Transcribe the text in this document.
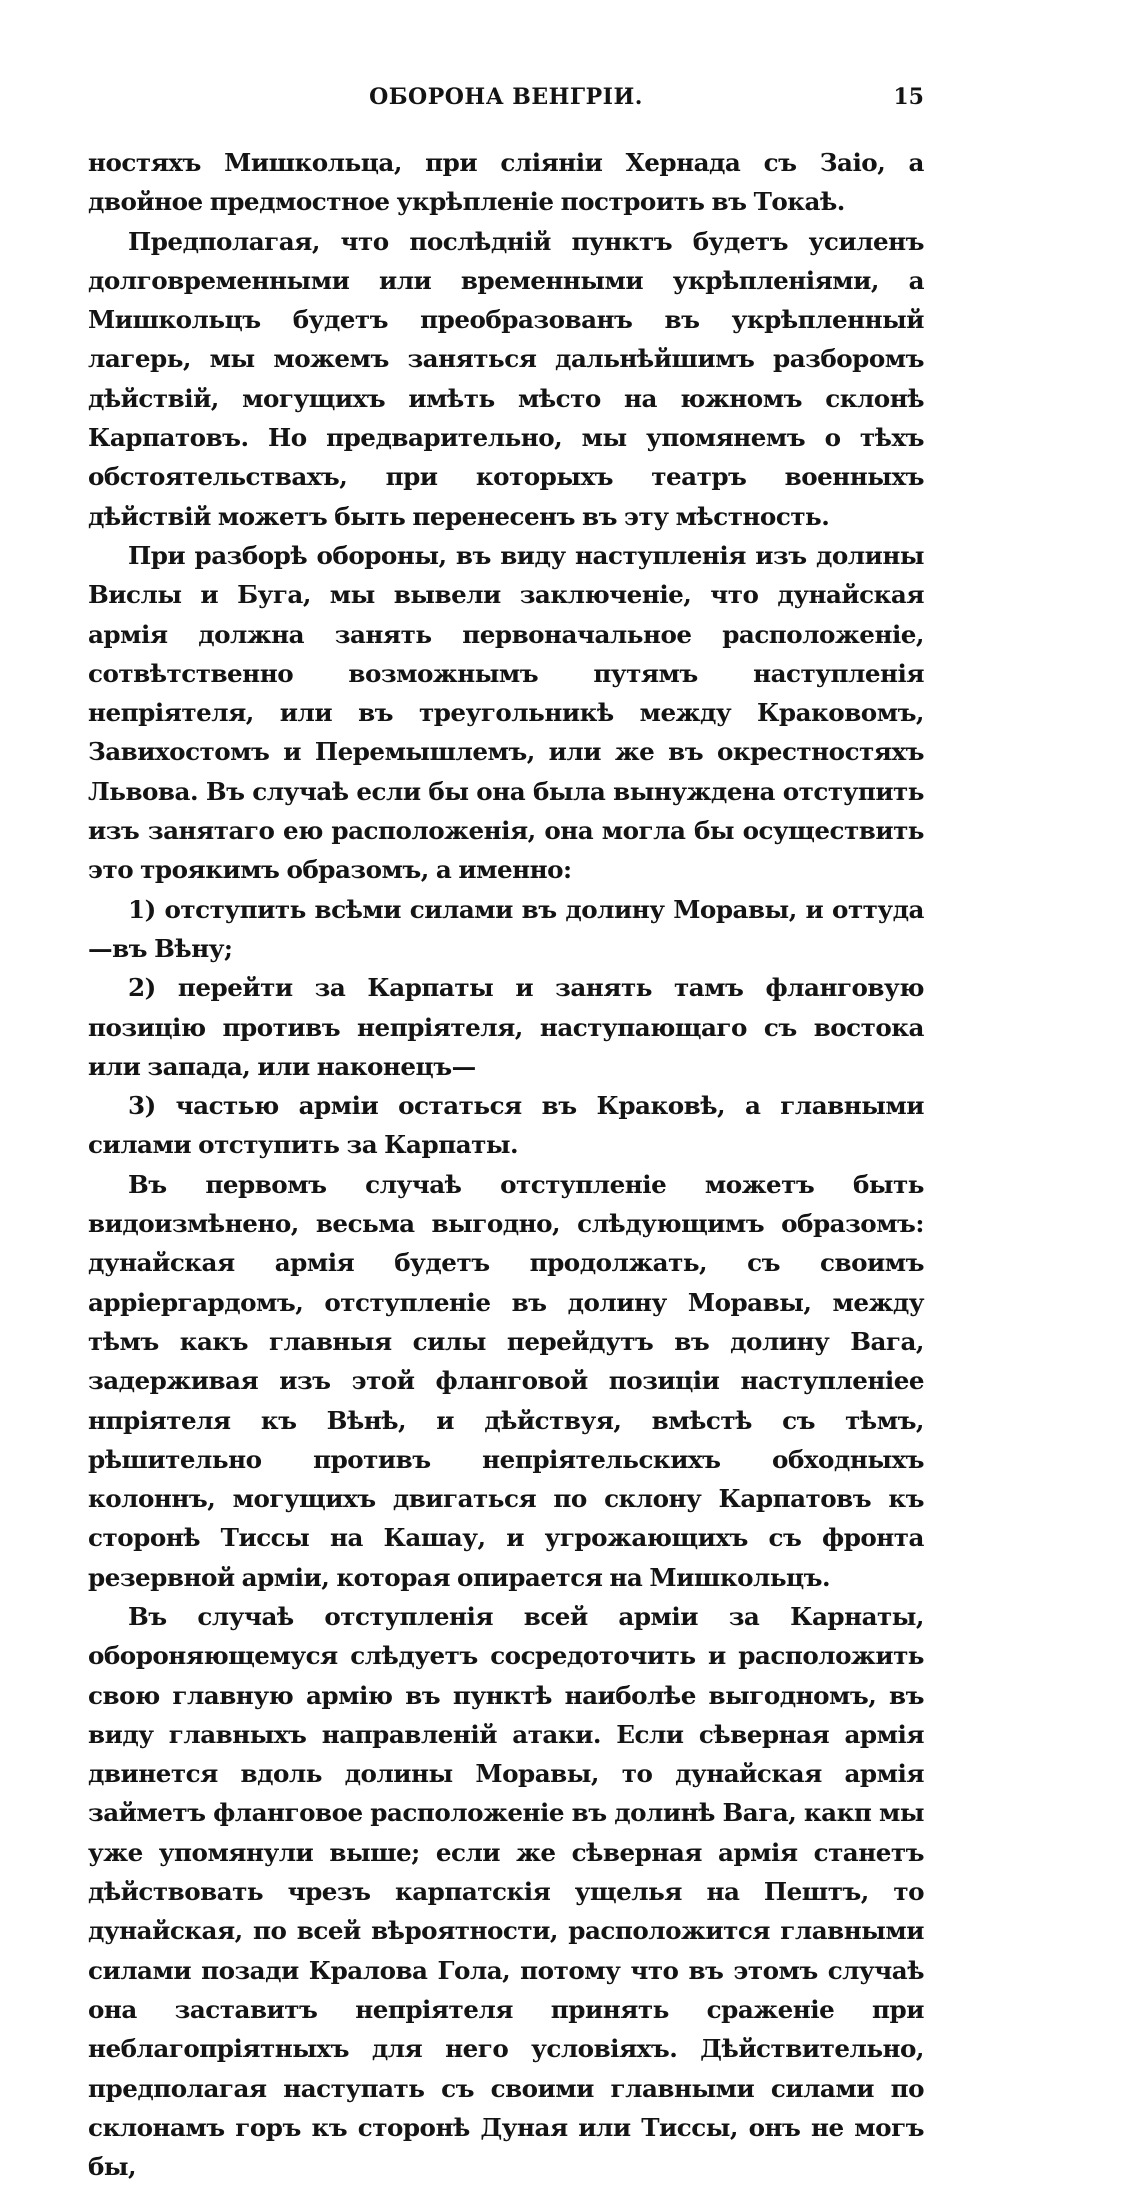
ОБОРОНА ВЕНГРІИ.	15

ностяхъ Мишкольца, при сліяніи Хернада съ Заіо, а двойное предмостное укрѣпленіе построить въ Токаѣ.

Предполагая, что послѣдній пунктъ будетъ усиленъ долговременными или временными укрѣпленіями, а Мишкольцъ будетъ преобразованъ въ укрѣпленный лагерь, мы можемъ заняться дальнѣйшимъ разборомъ дѣйствій, могущихъ имѣть мѣсто на южномъ склонѣ Карпатовъ. Но предварительно, мы упомянемъ о тѣхъ обстоятельствахъ, при которыхъ театръ военныхъ дѣйствій можетъ быть перенесенъ въ эту мѣстность.

При разборѣ обороны, въ виду наступленія изъ долины Вислы и Буга, мы вывели заключеніе, что дунайская армія должна занять первоначальное расположеніе, сотвѣтственно возможнымъ путямъ наступленія непріятеля, или въ треугольникѣ между Краковомъ, Завихостомъ и Перемышлемъ, или же въ окрестностяхъ Львова. Въ случаѣ если бы она была вынуждена отступить изъ занятаго ею расположенія, она могла бы осуществить это троякимъ образомъ, а именно:

1) отступить всѣми силами въ долину Моравы, и оттуда—въ Вѣну;

2) перейти за Карпаты и занять тамъ фланговую позицію противъ непріятеля, наступающаго съ востока или запада, или наконецъ—

3) частью арміи остаться въ Краковѣ, а главными силами отступить за Карпаты.

Въ первомъ случаѣ отступленіе можетъ быть видоизмѣнено, весьма выгодно, слѣдующимъ образомъ: дунайская армія будетъ продолжать, съ своимъ арріергардомъ, отступленіе въ долину Моравы, между тѣмъ какъ главныя силы перейдутъ въ долину Вага, задерживая изъ этой фланговой позиціи наступленіее нпріятеля къ Вѣнѣ, и дѣйствуя, вмѣстѣ съ тѣмъ, рѣшительно противъ непріятельскихъ обходныхъ колоннъ, могущихъ двигаться по склону Карпатовъ къ сторонѣ Тиссы на Кашау, и угрожающихъ съ фронта резервной арміи, которая опирается на Мишкольцъ.

Въ случаѣ отступленія всей арміи за Карнаты, обороняющемуся слѣдуетъ сосредоточить и расположить свою главную армію въ пунктѣ наиболѣе выгодномъ, въ виду главныхъ направленій атаки. Если сѣверная армія двинется вдоль долины Моравы, то дунайская армія займетъ фланговое расположеніе въ долинѣ Вага, какп мы уже упомянули выше; если же сѣверная армія станетъ дѣйствовать чрезъ карпатскія ущелья на Пештъ, то дунайская, по всей вѣроятности, расположится главными силами позади Кралова Гола, потому что въ этомъ случаѣ она заставитъ непріятеля принять сраженіе при неблагопріятныхъ для него условіяхъ. Дѣйствительно, предполагая наступать съ своими главными силами по склонамъ горъ къ сторонѣ Дуная или Тиссы, онъ не могъ бы,
